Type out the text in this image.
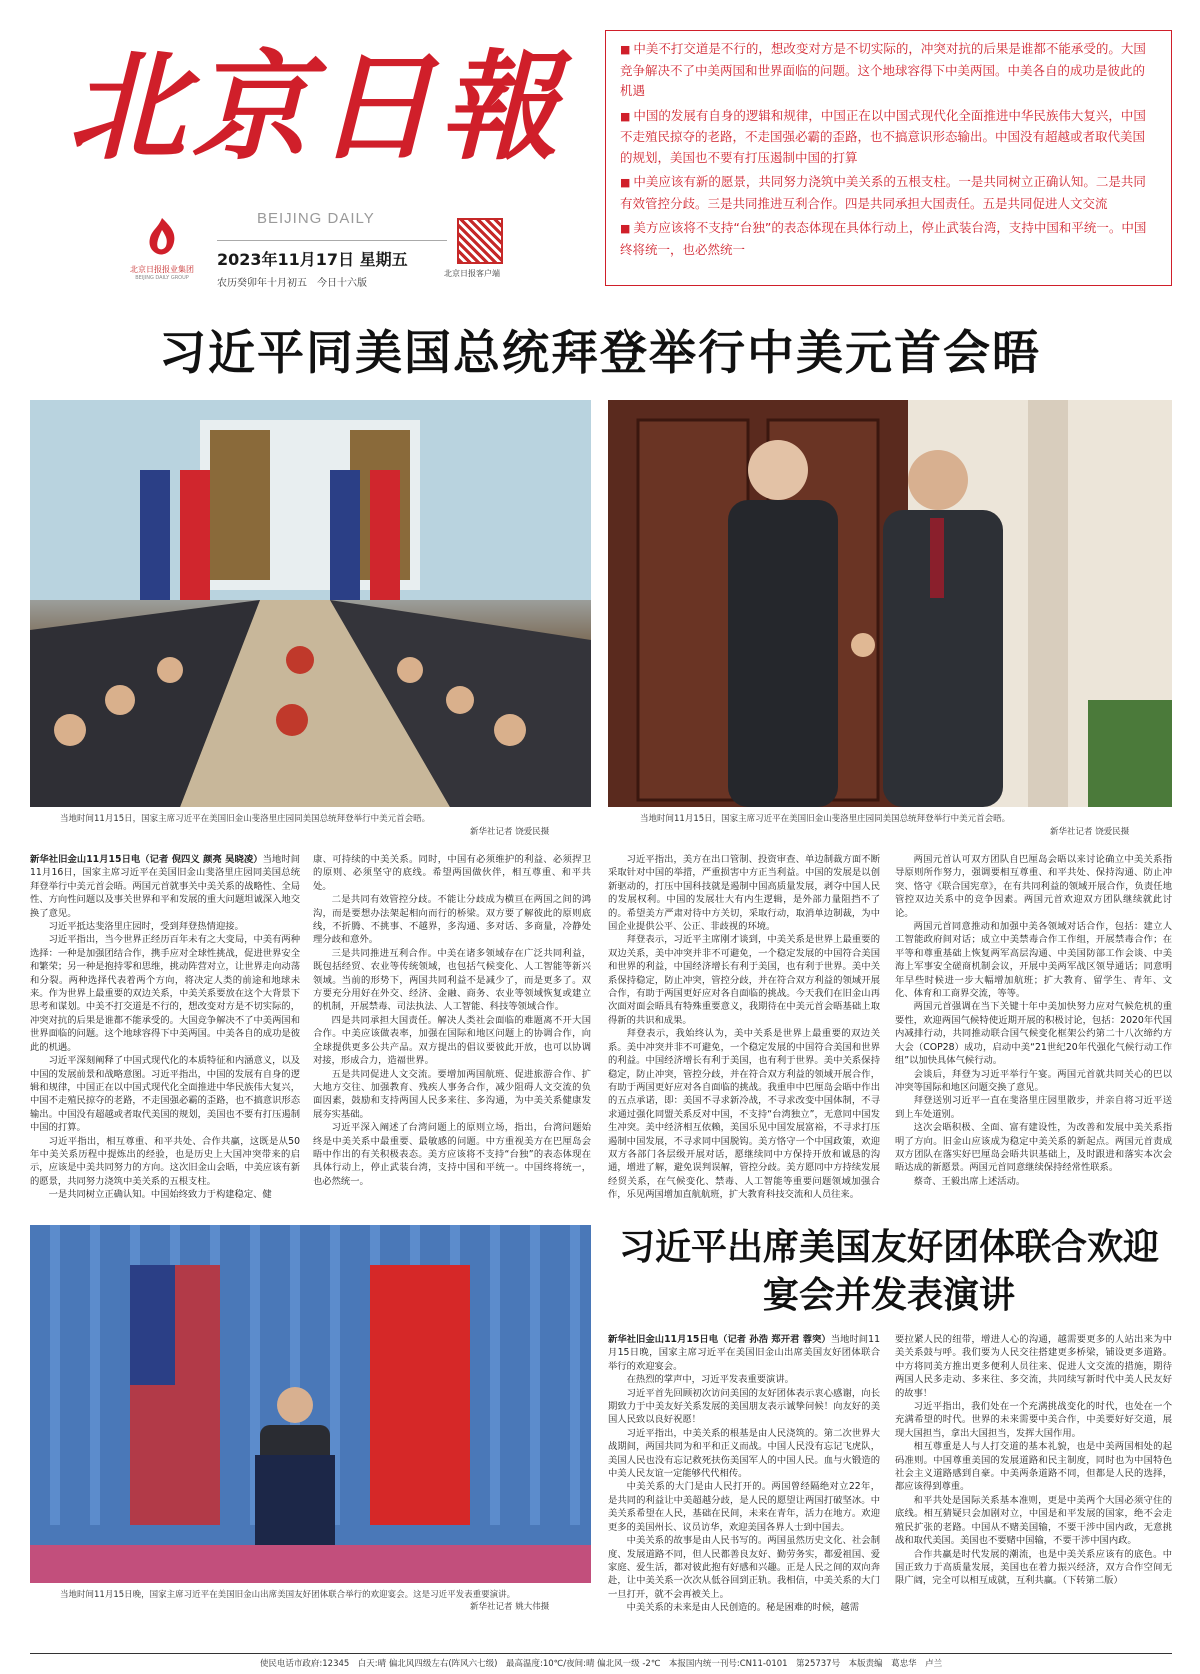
北京日報
BEIJING DAILY
北京日报报业集团
BEIJING DAILY GROUP
2023年11月17日 星期五
农历癸卯年十月初五　今日十六版
北京日报客户端

■ 中美不打交道是不行的，想改变对方是不切实际的，冲突对抗的后果是谁都不能承受的。大国竞争解决不了中美两国和世界面临的问题。这个地球容得下中美两国。中美各自的成功是彼此的机遇

■ 中国的发展有自身的逻辑和规律，中国正在以中国式现代化全面推进中华民族伟大复兴，中国不走殖民掠夺的老路，不走国强必霸的歪路，也不搞意识形态输出。中国没有超越或者取代美国的规划，美国也不要有打压遏制中国的打算

■ 中美应该有新的愿景，共同努力浇筑中美关系的五根支柱。一是共同树立正确认知。二是共同有效管控分歧。三是共同推进互利合作。四是共同承担大国责任。五是共同促进人文交流

■ 美方应该将不支持“台独”的表态体现在具体行动上，停止武装台湾，支持中国和平统一。中国终将统一，也必然统一

习近平同美国总统拜登举行中美元首会晤
当地时间11月15日，国家主席习近平在美国旧金山斐洛里庄园同美国总统拜登举行中美元首会晤。
新华社记者 饶爱民摄
当地时间11月15日，国家主席习近平在美国旧金山斐洛里庄园同美国总统拜登举行中美元首会晤。
新华社记者 饶爱民摄

新华社旧金山11月15日电（记者 倪四义 颜亮 吴晓凌）当地时间11月16日，国家主席习近平在美国旧金山斐洛里庄园同美国总统拜登举行中美元首会晤。两国元首就事关中美关系的战略性、全局性、方向性问题以及事关世界和平和发展的重大问题坦诚深入地交换了意见。

习近平抵达斐洛里庄园时，受到拜登热情迎接。

习近平指出，当今世界正经历百年未有之大变局，中美有两种选择：一种是加强团结合作，携手应对全球性挑战，促进世界安全和繁荣；另一种是抱持零和思维，挑动阵营对立，让世界走向动荡和分裂。两种选择代表着两个方向，将决定人类的前途和地球未来。作为世界上最重要的双边关系，中美关系要放在这个大背景下思考和谋划。中美不打交道是不行的，想改变对方是不切实际的，冲突对抗的后果是谁都不能承受的。大国竞争解决不了中美两国和世界面临的问题。这个地球容得下中美两国。中美各自的成功是彼此的机遇。

习近平深刻阐释了中国式现代化的本质特征和内涵意义，以及中国的发展前景和战略意图。习近平指出，中国的发展有自身的逻辑和规律，中国正在以中国式现代化全面推进中华民族伟大复兴，中国不走殖民掠夺的老路，不走国强必霸的歪路，也不搞意识形态输出。中国没有超越或者取代美国的规划，美国也不要有打压遏制中国的打算。

习近平指出，相互尊重、和平共处、合作共赢，这既是从50年中美关系历程中提炼出的经验，也是历史上大国冲突带来的启示，应该是中美共同努力的方向。这次旧金山会晤，中美应该有新的愿景，共同努力浇筑中美关系的五根支柱。

一是共同树立正确认知。中国始终致力于构建稳定、健

康、可持续的中美关系。同时，中国有必须维护的利益、必须捍卫的原则、必须坚守的底线。希望两国做伙伴，相互尊重、和平共处。

二是共同有效管控分歧。不能让分歧成为横亘在两国之间的鸿沟，而是要想办法架起相向而行的桥梁。双方要了解彼此的原则底线，不折腾、不挑事、不越界，多沟通、多对话、多商量，冷静处理分歧和意外。

三是共同推进互利合作。中美在诸多领域存在广泛共同利益，既包括经贸、农业等传统领域，也包括气候变化、人工智能等新兴领域。当前的形势下，两国共同利益不是减少了，而是更多了。双方要充分用好在外交、经济、金融、商务、农业等领域恢复或建立的机制，开展禁毒、司法执法、人工智能、科技等领域合作。

四是共同承担大国责任。解决人类社会面临的难题离不开大国合作。中美应该做表率，加强在国际和地区问题上的协调合作，向全球提供更多公共产品。双方提出的倡议要彼此开放，也可以协调对接，形成合力，造福世界。

五是共同促进人文交流。要增加两国航班、促进旅游合作、扩大地方交往、加强教育、残疾人事务合作，减少阻碍人文交流的负面因素，鼓励和支持两国人民多来往、多沟通，为中美关系健康发展夯实基础。

习近平深入阐述了台湾问题上的原则立场，指出，台湾问题始终是中美关系中最重要、最敏感的问题。中方重视美方在巴厘岛会晤中作出的有关积极表态。美方应该将不支持“台独”的表态体现在具体行动上，停止武装台湾，支持中国和平统一。中国终将统一，也必然统一。

习近平指出，美方在出口管制、投资审查、单边制裁方面不断采取针对中国的举措，严重损害中方正当利益。中国的发展是以创新驱动的，打压中国科技就是遏制中国高质量发展，剥夺中国人民的发展权利。中国的发展壮大有内生逻辑，是外部力量阻挡不了的。希望美方严肃对待中方关切，采取行动，取消单边制裁，为中国企业提供公平、公正、非歧视的环境。

拜登表示，习近平主席刚才谈到，中美关系是世界上最重要的双边关系，美中冲突并非不可避免，一个稳定发展的中国符合美国和世界的利益，中国经济增长有利于美国，也有利于世界。美中关系保持稳定，防止冲突，管控分歧，并在符合双方利益的领域开展合作，有助于两国更好应对各自面临的挑战。今天我们在旧金山再次面对面会晤具有特殊重要意义，我期待在中美元首会晤基础上取得新的共识和成果。

拜登表示，我始终认为，美中关系是世界上最重要的双边关系。美中冲突并非不可避免，一个稳定发展的中国符合美国和世界的利益。中国经济增长有利于美国，也有利于世界。美中关系保持稳定，防止冲突，管控分歧，并在符合双方利益的领域开展合作，有助于两国更好应对各自面临的挑战。我重申中巴厘岛会晤中作出的五点承诺，即：美国不寻求新冷战，不寻求改变中国体制，不寻求通过强化同盟关系反对中国，不支持“台湾独立”，无意同中国发生冲突。美中经济相互依赖，美国乐见中国发展富裕，不寻求打压遏制中国发展，不寻求同中国脱钩。美方恪守一个中国政策，欢迎双方各部门各层级开展对话，愿继续同中方保持开放和诚恳的沟通，增进了解，避免误判误解，管控分歧。美方愿同中方持续发展经贸关系，在气候变化、禁毒、人工智能等重要问题领域加强合作，乐见两国增加直航航班，扩大教育科技交流和人员往来。

两国元首认可双方团队自巴厘岛会晤以来讨论确立中美关系指导原则所作努力，强调要相互尊重、和平共处、保持沟通、防止冲突、恪守《联合国宪章》，在有共同利益的领域开展合作，负责任地管控双边关系中的竞争因素。两国元首欢迎双方团队继续就此讨论。

两国元首同意推动和加强中美各领域对话合作，包括：建立人工智能政府间对话；成立中美禁毒合作工作组，开展禁毒合作；在平等和尊重基础上恢复两军高层沟通、中美国防部工作会谈、中美海上军事安全磋商机制会议，开展中美两军战区领导通话；同意明年早些时候进一步大幅增加航班；扩大教育、留学生、青年、文化、体育和工商界交流，等等。

两国元首强调在当下关键十年中美加快努力应对气候危机的重要性，欢迎两国气候特使近期开展的积极讨论，包括：2020年代国内减排行动，共同推动联合国气候变化框架公约第二十八次缔约方大会（COP28）成功，启动中美“21世纪20年代强化气候行动工作组”以加快具体气候行动。

会谈后，拜登为习近平举行午宴。两国元首就共同关心的巴以冲突等国际和地区问题交换了意见。

拜登送别习近平一直在斐洛里庄园里散步，并亲自将习近平送到上车处道别。

这次会晤积极、全面、富有建设性，为改善和发展中美关系指明了方向。旧金山应该成为稳定中美关系的新起点。两国元首责成双方团队在落实好巴厘岛会晤共识基础上，及时跟进和落实本次会晤达成的新愿景。两国元首同意继续保持经常性联系。

蔡奇、王毅出席上述活动。

当地时间11月15日晚，国家主席习近平在美国旧金山出席美国友好团体联合举行的欢迎宴会。这是习近平发表重要演讲。
新华社记者 姚大伟摄
习近平出席美国友好团体联合欢迎宴会并发表演讲

新华社旧金山11月15日电（记者 孙浩 郑开君 蓉突）当地时间11月15日晚，国家主席习近平在美国旧金山出席美国友好团体联合举行的欢迎宴会。

在热烈的掌声中，习近平发表重要演讲。

习近平首先回顾初次访问美国的友好团体表示衷心感谢，向长期致力于中美友好关系发展的美国朋友表示诚挚问候！向友好的美国人民致以良好祝愿！

习近平指出，中美关系的根基是由人民浇筑的。第二次世界大战期间，两国共同为和平和正义而战。中国人民没有忘记飞虎队，美国人民也没有忘记救死扶伤美国军人的中国人民。血与火锻造的中美人民友谊一定能够代代相传。

中美关系的大门是由人民打开的。两国曾经隔绝对立22年，是共同的利益让中美超越分歧，是人民的愿望让两国打破坚冰。中美关系希望在人民，基础在民间，未来在青年，活力在地方。欢迎更多的美国州长、议员访华，欢迎美国各界人士到中国去。

中美关系的故事是由人民书写的。两国虽然历史文化、社会制度、发展道路不同，但人民都善良友好、勤劳务实，都爱祖国、爱家庭、爱生活，都对彼此抱有好感和兴趣。正是人民之间的双向奔赴，让中美关系一次次从低谷回到正轨。我相信，中美关系的大门一旦打开，就不会再被关上。

中美关系的未来是由人民创造的。秘是困难的时候，越需

要拉紧人民的纽带，增进人心的沟通，越需要更多的人站出来为中美关系鼓与呼。我们要为人民交往搭建更多桥梁，铺设更多道路。中方将同美方推出更多便利人员往来、促进人文交流的措施，期待两国人民多走动、多来往、多交流，共同续写新时代中美人民友好的故事！

习近平指出，我们处在一个充满挑战变化的时代，也处在一个充满希望的时代。世界的未来需要中美合作，中美要好好交道，展现大国担当，拿出大国担当，发挥大国作用。

相互尊重是人与人打交道的基本礼貌，也是中美两国相处的起码准则。中国尊重美国的发展道路和民主制度，同时也为中国特色社会主义道路感到自豪。中美两条道路不同，但都是人民的选择，都应该得到尊重。

和平共处是国际关系基本准则，更是中美两个大国必须守住的底线。相互猜疑只会加剧对立，中国是和平发展的国家，绝不会走殖民扩张的老路。中国从不赌美国输，不要干涉中国内政，无意挑战和取代美国。美国也不要赌中国输，不要干涉中国内政。

合作共赢是时代发展的潮流，也是中美关系应该有的底色。中国正致力于高质量发展，美国也在着力振兴经济，双方合作空间无限广阔，完全可以相互成就，互利共赢。（下转第二版）

使民电话市政府:12345　白天:晴 偏北风四级左右(阵风六七级)　最高温度:10℃/夜间:晴 偏北风一级 -2℃　本报国内统一刊号:CN11-0101　第25737号　本版责编　葛忠华　卢兰
